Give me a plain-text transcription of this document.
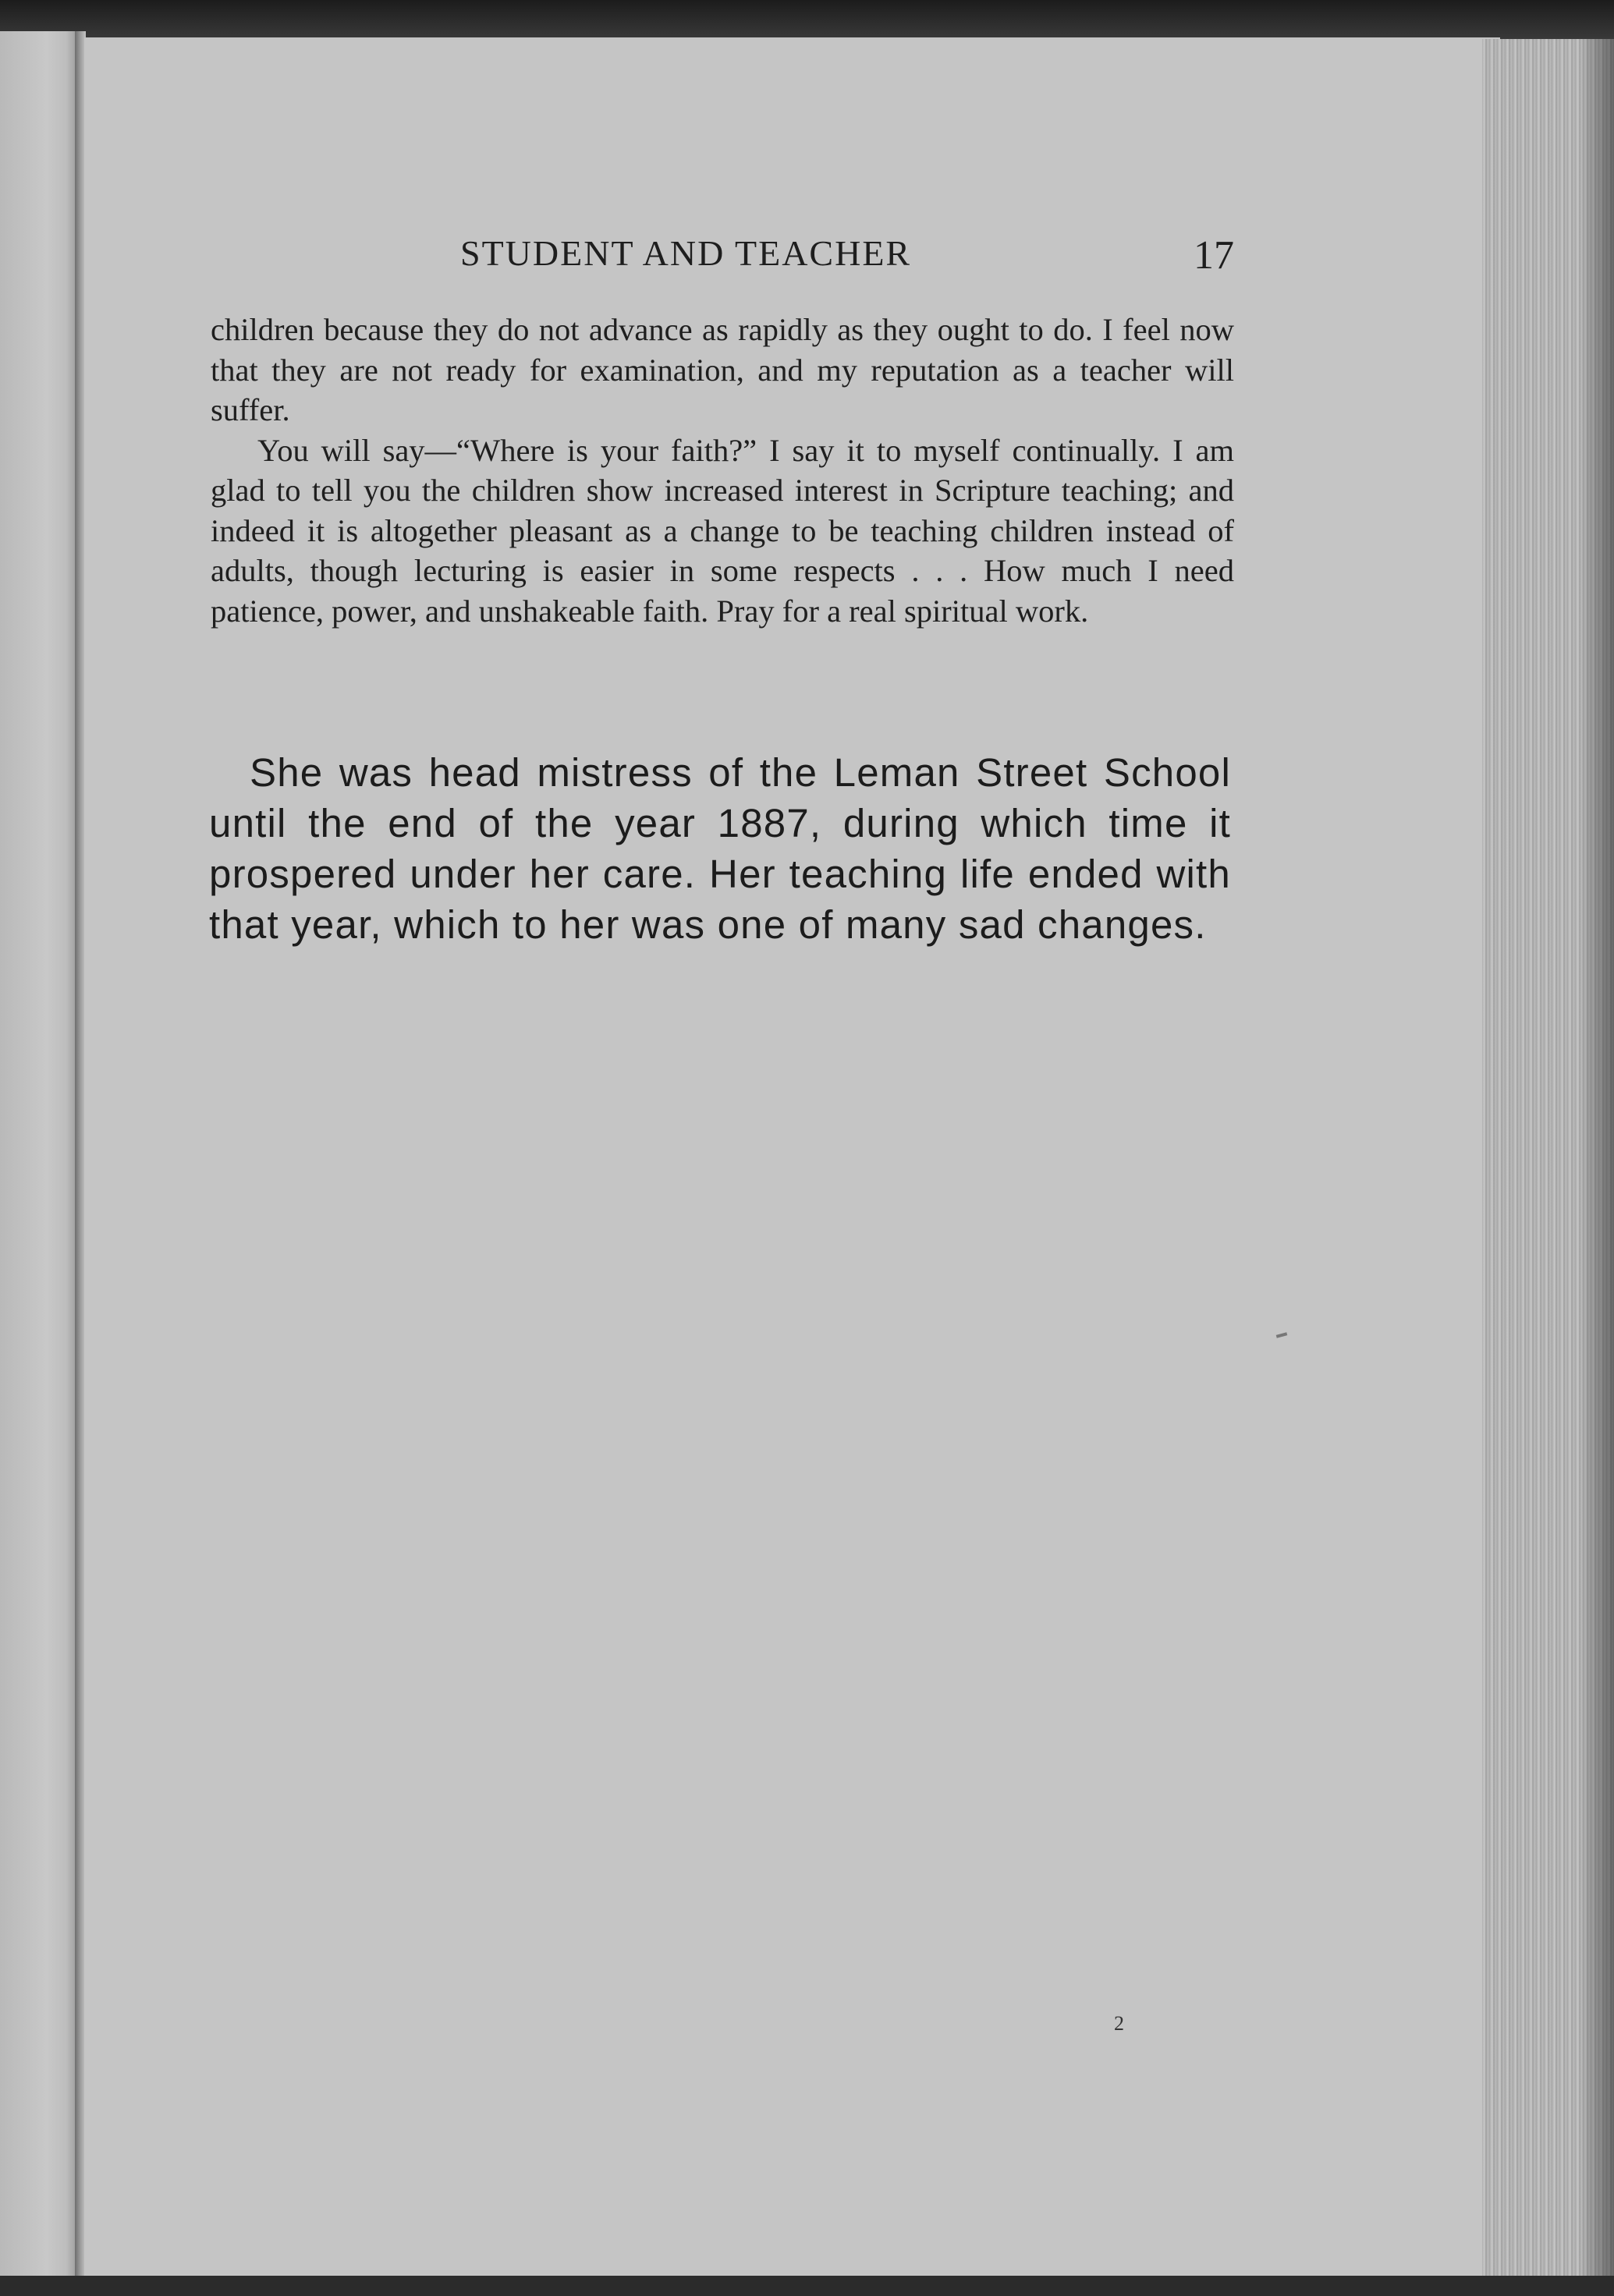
STUDENT AND TEACHER	17

children because they do not advance as rapidly as they ought to do. I feel now that they are not ready for examination, and my reputation as a teacher will suffer.

You will say—“Where is your faith?” I say it to myself continually. I am glad to tell you the children show increased interest in Scripture teaching; and indeed it is altogether pleasant as a change to be teaching children instead of adults, though lecturing is easier in some respects . . . How much I need patience, power, and unshakeable faith. Pray for a real spiritual work.

She was head mistress of the Leman Street School until the end of the year 1887, during which time it prospered under her care. Her teaching life ended with that year, which to her was one of many sad changes.

2
